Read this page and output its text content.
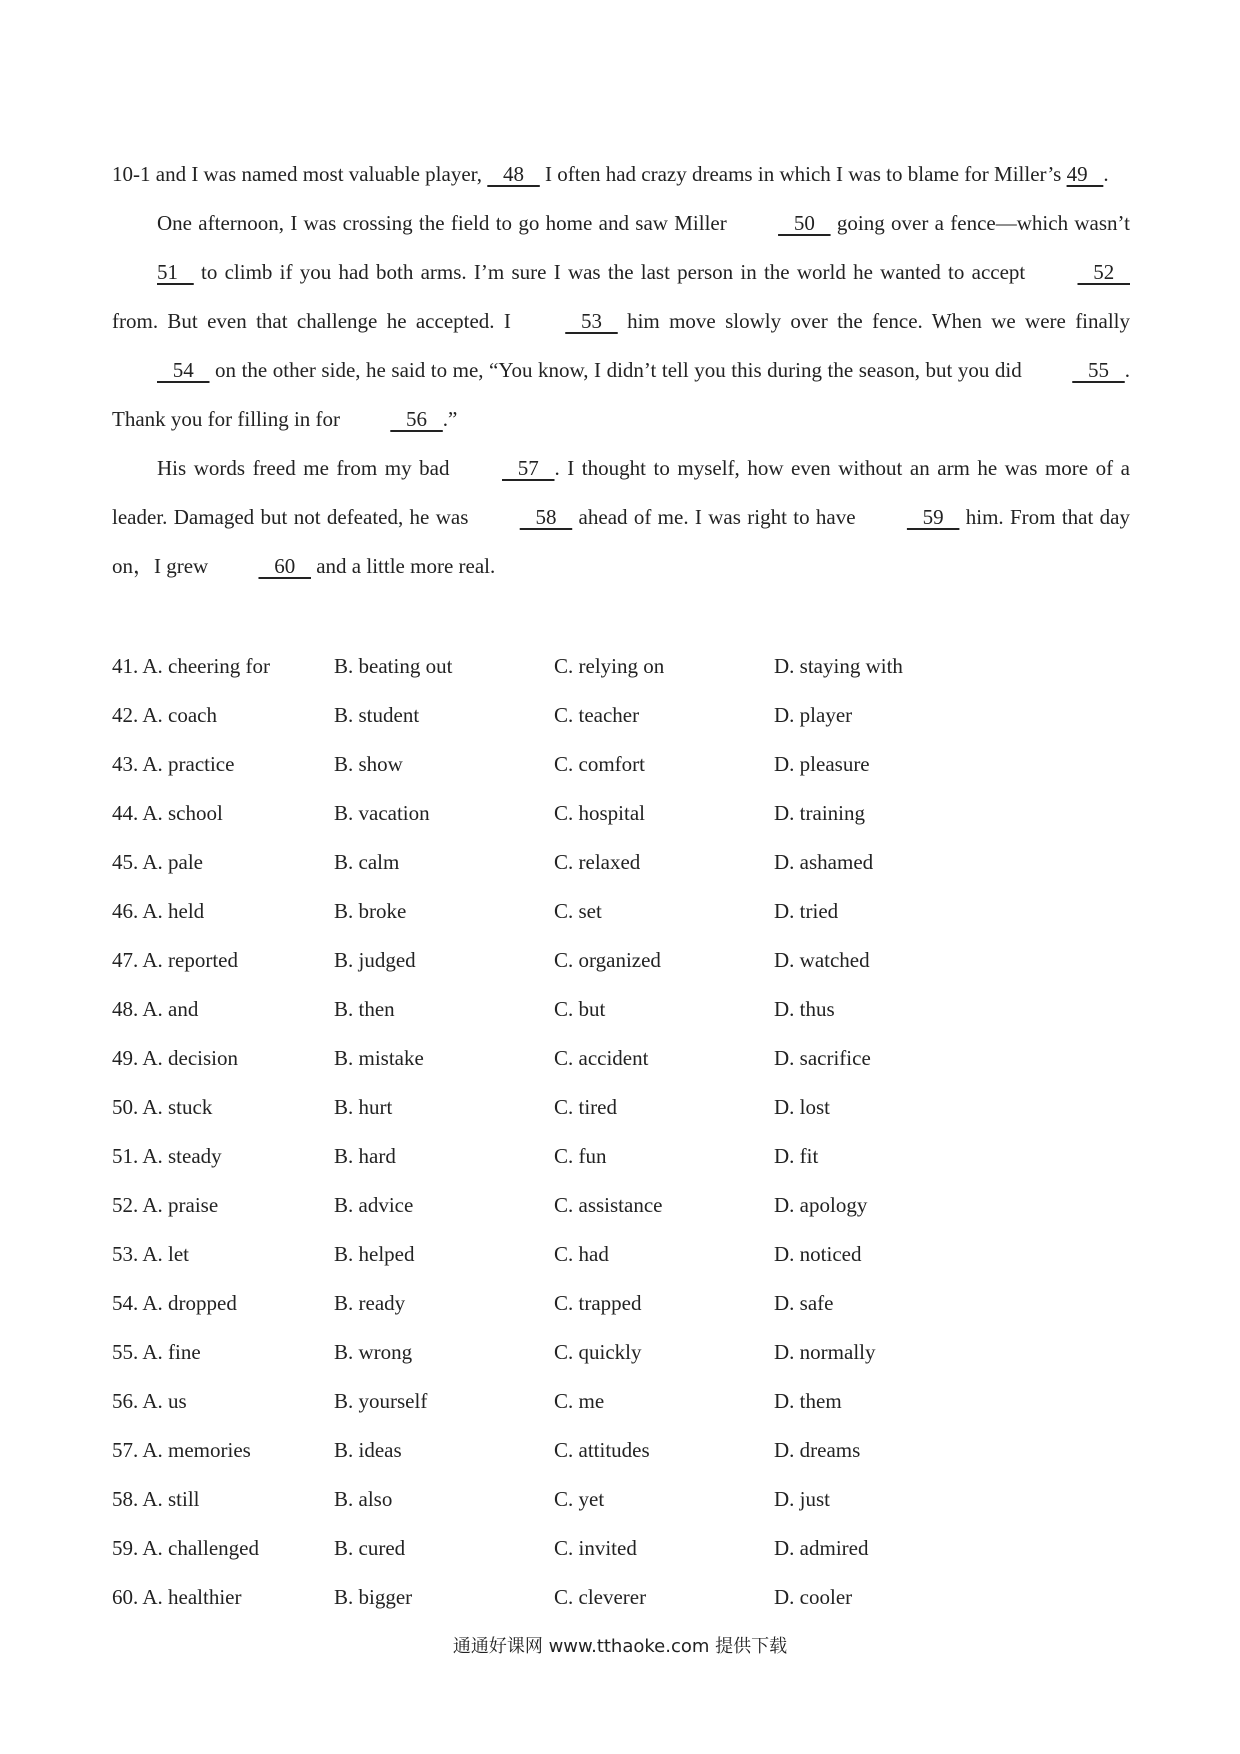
10-1 and I was named most valuable player,    48    I often had crazy dreams in which I was to blame for Miller’s 49   .

One afternoon, I was crossing the field to go home and saw Miller    50    going over a fence—which wasn’t 51    to climb if you had both arms. I’m sure I was the last person in the world he wanted to accept    52    from. But even that challenge he accepted. I    53    him move slowly over the fence. When we were finally    54    on the other side, he said to me, “You know, I didn’t tell you this during the season, but you did    55   . Thank you for filling in for    56   .”

His words freed me from my bad    57   . I thought to myself, how even without an arm he was more of a leader. Damaged but not defeated, he was    58    ahead of me. I was right to have    59    him. From that day on，I grew    60    and a little more real.

41. A. cheering for	B. beating out	C. relying on	D. staying with
42. A. coach	B. student	C. teacher	D. player
43. A. practice	B. show	C. comfort	D. pleasure
44. A. school	B. vacation	C. hospital	D. training
45. A. pale	B. calm	C. relaxed	D. ashamed
46. A. held	B. broke	C. set	D. tried
47. A. reported	B. judged	C. organized	D. watched
48. A. and	B. then	C. but	D. thus
49. A. decision	B. mistake	C. accident	D. sacrifice
50. A. stuck	B. hurt	C. tired	D. lost
51. A. steady	B. hard	C. fun	D. fit
52. A. praise	B. advice	C. assistance	D. apology
53. A. let	B. helped	C. had	D. noticed
54. A. dropped	B. ready	C. trapped	D. safe
55. A. fine	B. wrong	C. quickly	D. normally
56. A. us	B. yourself	C. me	D. them
57. A. memories	B. ideas	C. attitudes	D. dreams
58. A. still	B. also	C. yet	D. just
59. A. challenged	B. cured	C. invited	D. admired
60. A. healthier	B. bigger	C. cleverer	D. cooler
通通好课网 www.tthaoke.com 提供下载
